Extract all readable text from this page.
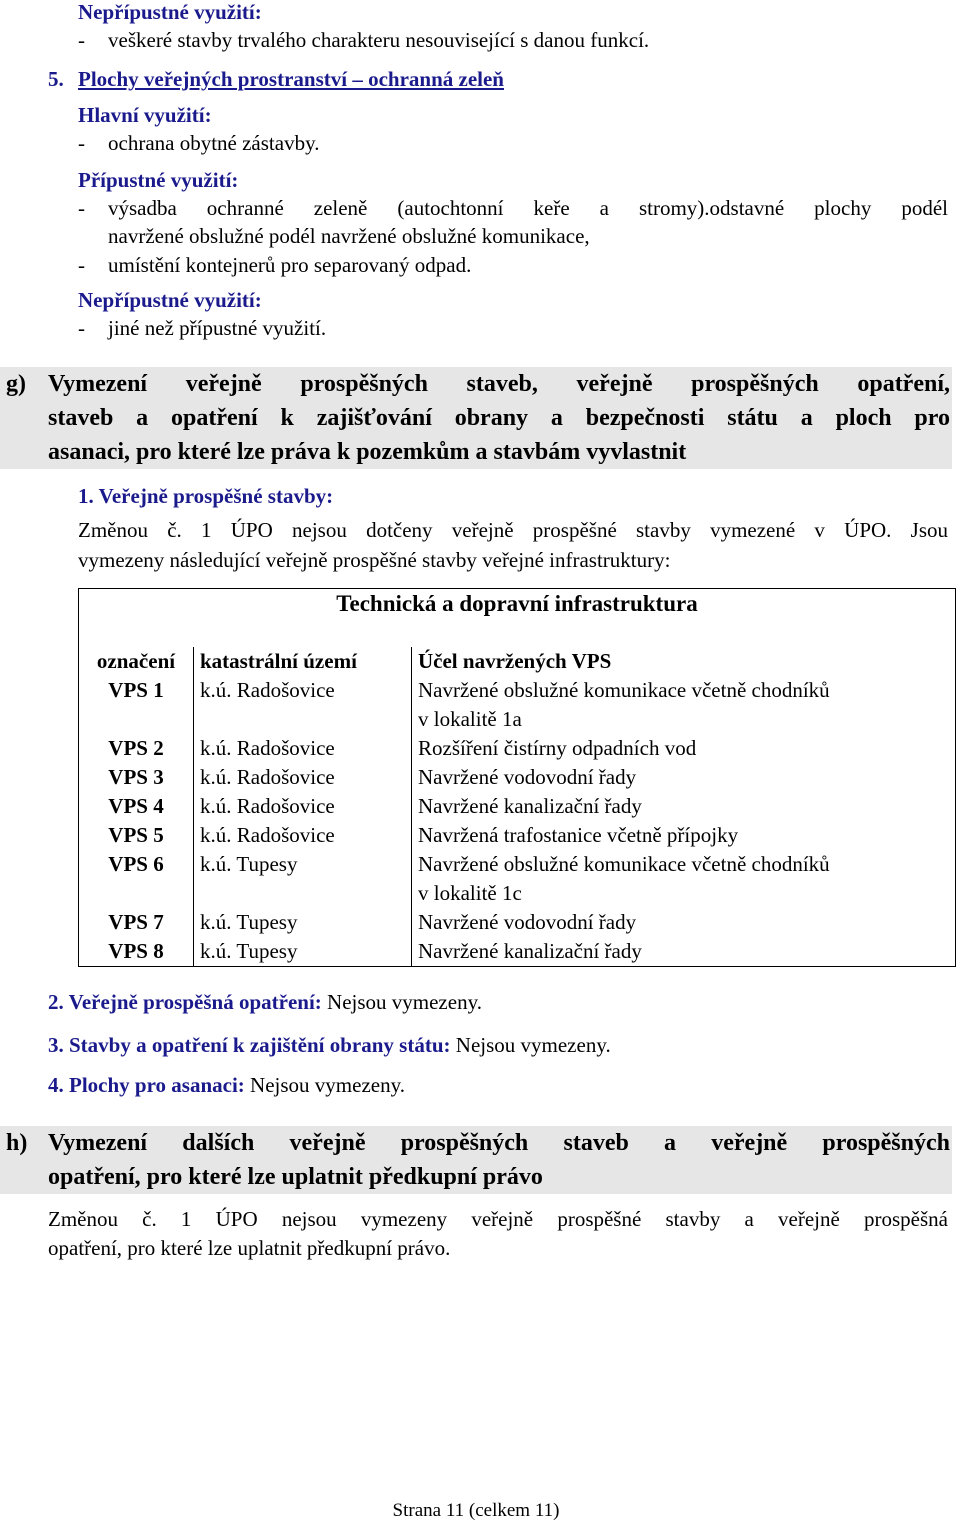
Nepřípustné využití:
- veškeré stavby trvalého charakteru nesouvisející s danou funkcí.
5. Plochy veřejných prostranství – ochranná zeleň
Hlavní využití:
- ochrana obytné zástavby.
Přípustné využití:
- výsadba ochranné zeleně (autochtonní keře a stromy).odstavné plochy podél
navržené obslužné podél navržené obslužné komunikace,
- umístění kontejnerů pro separovaný odpad.
Nepřípustné využití:
- jiné než přípustné využití.
g) Vymezení veřejně prospěšných staveb, veřejně prospěšných opatření,
staveb a opatření k zajišťování obrany a bezpečnosti státu a ploch pro
asanaci, pro které lze práva k pozemkům a stavbám vyvlastnit
1. Veřejně prospěšné stavby:
Změnou č. 1 ÚPO nejsou dotčeny veřejně prospěšné stavby vymezené v ÚPO. Jsou
vymezeny následující veřejně prospěšné stavby veřejné infrastruktury:
Technická a dopravní infrastruktura		
označení	katastrální území	Účel navržených VPS
VPS 1	k.ú. Radošovice	Navržené obslužné komunikace včetně chodníků
v lokalitě 1a
VPS 2	k.ú. Radošovice	Rozšíření čistírny odpadních vod
VPS 3	k.ú. Radošovice	Navržené vodovodní řady
VPS 4	k.ú. Radošovice	Navržené kanalizační řady
VPS 5	k.ú. Radošovice	Navržená trafostanice včetně přípojky
VPS 6	k.ú. Tupesy	Navržené obslužné komunikace včetně chodníků
v lokalitě 1c
VPS 7	k.ú. Tupesy	Navržené vodovodní řady
VPS 8	k.ú. Tupesy	Navržené kanalizační řady
2. Veřejně prospěšná opatření: Nejsou vymezeny.
3. Stavby a opatření k zajištění obrany státu: Nejsou vymezeny.
4. Plochy pro asanaci: Nejsou vymezeny.
h) Vymezení dalších veřejně prospěšných staveb a veřejně prospěšných
opatření, pro které lze uplatnit předkupní právo
Změnou č. 1 ÚPO nejsou vymezeny veřejně prospěšné stavby a veřejně prospěšná
opatření, pro které lze uplatnit předkupní právo.
Strana 11 (celkem 11)
